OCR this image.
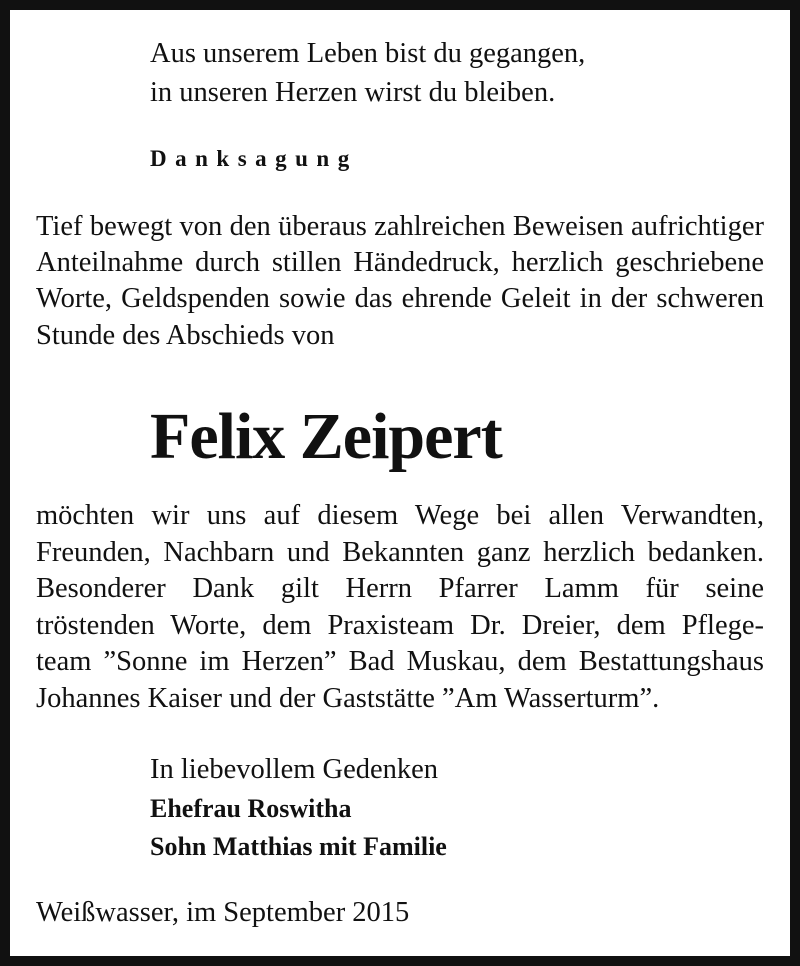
Aus unserem Leben bist du gegangen,
in unseren Herzen wirst du bleiben.
Danksagung
Tief bewegt von den überaus zahlreichen Beweisen aufrichtiger
Anteilnahme durch stillen Händedruck, herzlich geschriebene
Worte, Geldspenden sowie das ehrende Geleit in der schweren
Stunde des Abschieds von
Felix Zeipert
möchten wir uns auf diesem Wege bei allen Verwandten,
Freunden, Nachbarn und Bekannten ganz herzlich bedanken.
Besonderer Dank gilt Herrn Pfarrer Lamm für seine
tröstenden Worte, dem Praxisteam Dr. Dreier, dem Pflege-
team ”Sonne im Herzen” Bad Muskau, dem Bestattungshaus
Johannes Kaiser und der Gaststätte ”Am Wasserturm”.
In liebevollem Gedenken
Ehefrau Roswitha
Sohn Matthias mit Familie
Weißwasser, im September 2015
